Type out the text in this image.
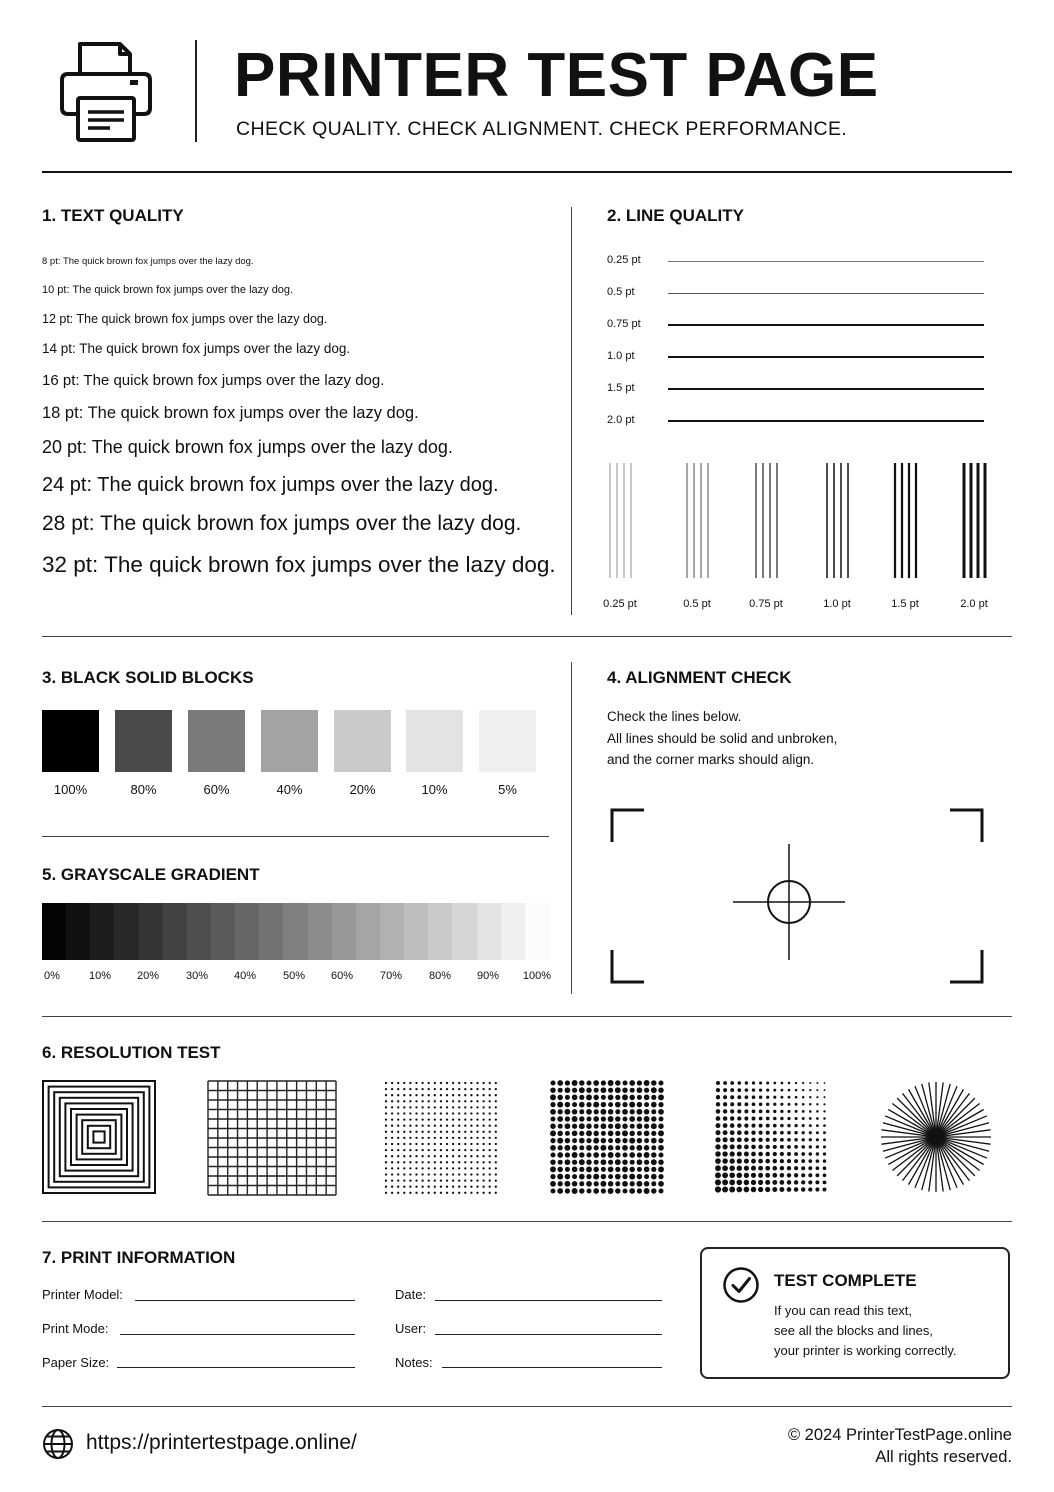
PRINTER TEST PAGE
CHECK QUALITY. CHECK ALIGNMENT. CHECK PERFORMANCE.
1. TEXT QUALITY	2. LINE QUALITY
3. BLACK SOLID BLOCKS
5. GRAYSCALE GRADIENT
4. ALIGNMENT CHECK
Check the lines below.
All lines should be solid and unbroken,
and the corner marks should align.
6. RESOLUTION TEST
7. PRINT INFORMATION
Printer Model:
Print Mode:
Paper Size:
Date:
User:
Notes:
TEST COMPLETE
If you can read this text,
see all the blocks and lines,
your printer is working correctly.
https://printertestpage.online/	© 2024 PrinterTestPage.online
All rights reserved.
8 pt: The quick brown fox jumps over the lazy dog.
10 pt: The quick brown fox jumps over the lazy dog.
12 pt: The quick brown fox jumps over the lazy dog.
14 pt: The quick brown fox jumps over the lazy dog.
16 pt: The quick brown fox jumps over the lazy dog.
18 pt: The quick brown fox jumps over the lazy dog.
20 pt: The quick brown fox jumps over the lazy dog.
24 pt: The quick brown fox jumps over the lazy dog.
28 pt: The quick brown fox jumps over the lazy dog.
32 pt: The quick brown fox jumps over the lazy dog.
0.25 pt
0.5 pt
0.75 pt
1.0 pt
1.5 pt
2.0 pt
0.25 pt	0.5 pt	0.75 pt	1.0 pt	1.5 pt	2.0 pt
100%	80%	60%	40%	20%	10%	5%
0%	10%	20%	30%	40%	50%	60%	70%	80%	90%	100%
